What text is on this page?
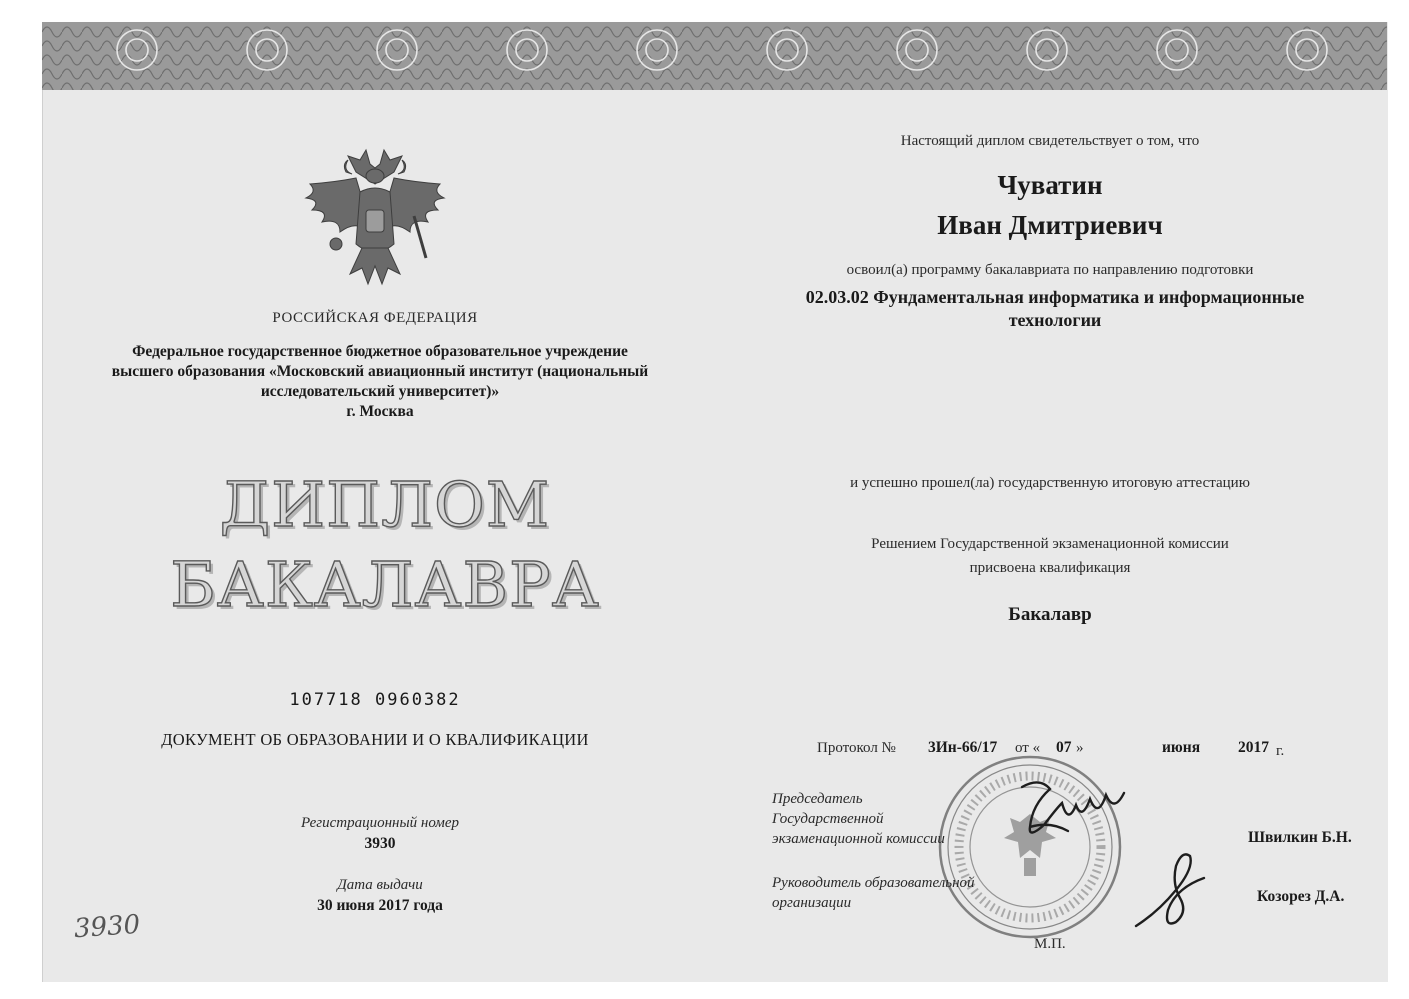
РОССИЙСКАЯ ФЕДЕРАЦИЯ
Федеральное государственное бюджетное образовательное учреждение
высшего образования «Московский авиационный институт (национальный
исследовательский университет)»
г. Москва
ДИПЛОМ
БАКАЛАВРА
107718 0960382
ДОКУМЕНТ ОБ ОБРАЗОВАНИИ И О КВАЛИФИКАЦИИ
Регистрационный номер
3930
Дата выдачи
30 июня 2017 года
3930
Настоящий диплом свидетельствует о том, что
Чуватин
Иван Дмитриевич
освоил(а) программу бакалавриата по направлению подготовки
02.03.02 Фундаментальная информатика и информационные
технологии
и успешно прошел(ла) государственную итоговую аттестацию
Решением Государственной экзаменационной комиссии
присвоена квалификация
Бакалавр
Протокол № 3Ин-66/17 от « 07 »	июня 2017 г.
Председатель
Государственной
экзаменационной комиссии	Швилкин Б.Н.
Руководитель образовательной
организации	Козорез Д.А.
М.П.
